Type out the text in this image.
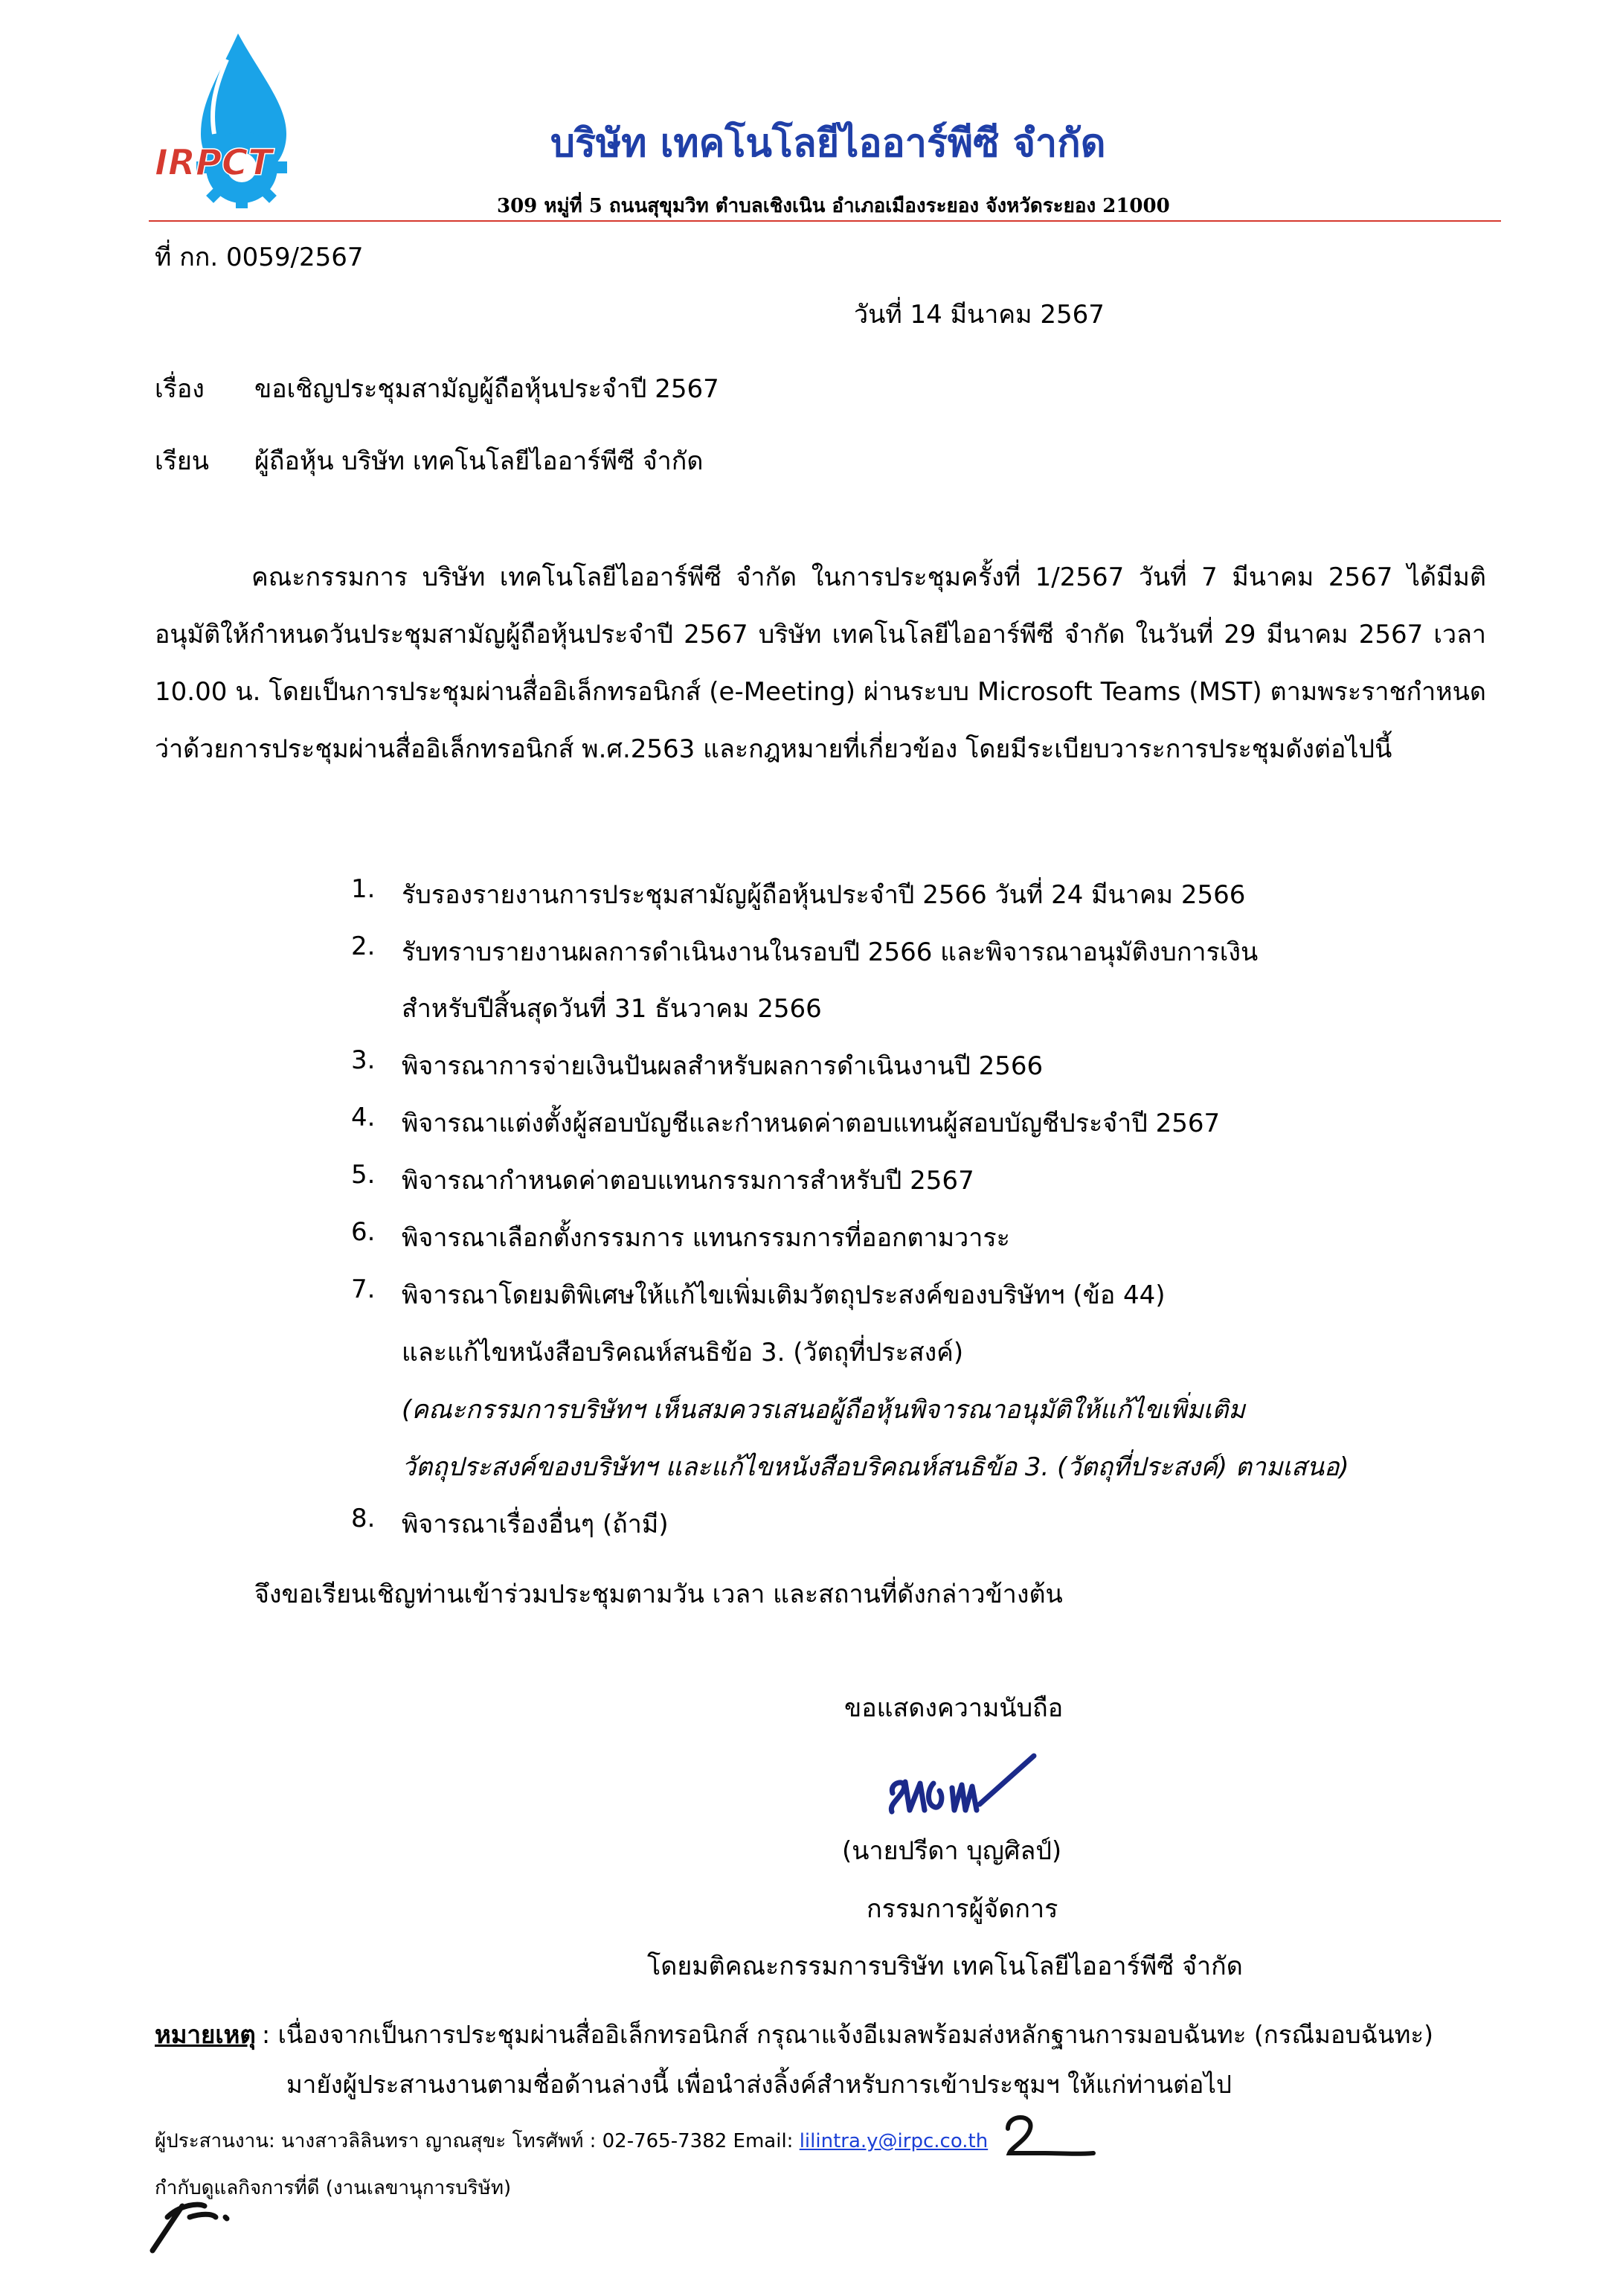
IRPCT	บริษัท เทคโนโลยีไออาร์พีซี จำกัด
309 หมู่ที่ 5 ถนนสุขุมวิท ตำบลเชิงเนิน อำเภอเมืองระยอง จังหวัดระยอง 21000
ที่ กก. 0059/2567
วันที่ 14 มีนาคม 2567
เรื่อง ขอเชิญประชุมสามัญผู้ถือหุ้นประจำปี 2567
เรียน ผู้ถือหุ้น บริษัท เทคโนโลยีไออาร์พีซี จำกัด
คณะกรรมการ บริษัท เทคโนโลยีไออาร์พีซี จำกัด ในการประชุมครั้งที่ 1/2567 วันที่ 7 มีนาคม 2567 ได้มีมติอนุมัติให้กำหนดวันประชุมสามัญผู้ถือหุ้นประจำปี 2567 บริษัท เทคโนโลยีไออาร์พีซี จำกัด ในวันที่ 29 มีนาคม 2567 เวลา 10.00 น. โดยเป็นการประชุมผ่านสื่ออิเล็กทรอนิกส์ (e-Meeting) ผ่านระบบ Microsoft Teams (MST) ตามพระราชกำหนดว่าด้วยการประชุมผ่านสื่ออิเล็กทรอนิกส์ พ.ศ.2563 และกฎหมายที่เกี่ยวข้อง โดยมีระเบียบวาระการประชุมดังต่อไปนี้
1. รับรองรายงานการประชุมสามัญผู้ถือหุ้นประจำปี 2566 วันที่ 24 มีนาคม 2566
2. รับทราบรายงานผลการดำเนินงานในรอบปี 2566 และพิจารณาอนุมัติงบการเงิน
สำหรับปีสิ้นสุดวันที่ 31 ธันวาคม 2566
3. พิจารณาการจ่ายเงินปันผลสำหรับผลการดำเนินงานปี 2566
4. พิจารณาแต่งตั้งผู้สอบบัญชีและกำหนดค่าตอบแทนผู้สอบบัญชีประจำปี 2567
5. พิจารณากำหนดค่าตอบแทนกรรมการสำหรับปี 2567
6. พิจารณาเลือกตั้งกรรมการ แทนกรรมการที่ออกตามวาระ
7. พิจารณาโดยมติพิเศษให้แก้ไขเพิ่มเติมวัตถุประสงค์ของบริษัทฯ (ข้อ 44)
และแก้ไขหนังสือบริคณห์สนธิข้อ 3. (วัตถุที่ประสงค์)
(คณะกรรมการบริษัทฯ เห็นสมควรเสนอผู้ถือหุ้นพิจารณาอนุมัติให้แก้ไขเพิ่มเติม
วัตถุประสงค์ของบริษัทฯ และแก้ไขหนังสือบริคณห์สนธิข้อ 3. (วัตถุที่ประสงค์) ตามเสนอ)
8. พิจารณาเรื่องอื่นๆ (ถ้ามี)
จึงขอเรียนเชิญท่านเข้าร่วมประชุมตามวัน เวลา และสถานที่ดังกล่าวข้างต้น
ขอแสดงความนับถือ
(นายปรีดา บุญศิลป์)
กรรมการผู้จัดการ
โดยมติคณะกรรมการบริษัท เทคโนโลยีไออาร์พีซี จำกัด
หมายเหตุ : เนื่องจากเป็นการประชุมผ่านสื่ออิเล็กทรอนิกส์ กรุณาแจ้งอีเมลพร้อมส่งหลักฐานการมอบฉันทะ (กรณีมอบฉันทะ)
มายังผู้ประสานงานตามชื่อด้านล่างนี้ เพื่อนำส่งลิ้งค์สำหรับการเข้าประชุมฯ ให้แก่ท่านต่อไป
ผู้ประสานงาน: นางสาวลิลินทรา ญาณสุขะ โทรศัพท์ : 02-765-7382 Email: lilintra.y@irpc.co.th
กำกับดูแลกิจการที่ดี (งานเลขานุการบริษัท)
